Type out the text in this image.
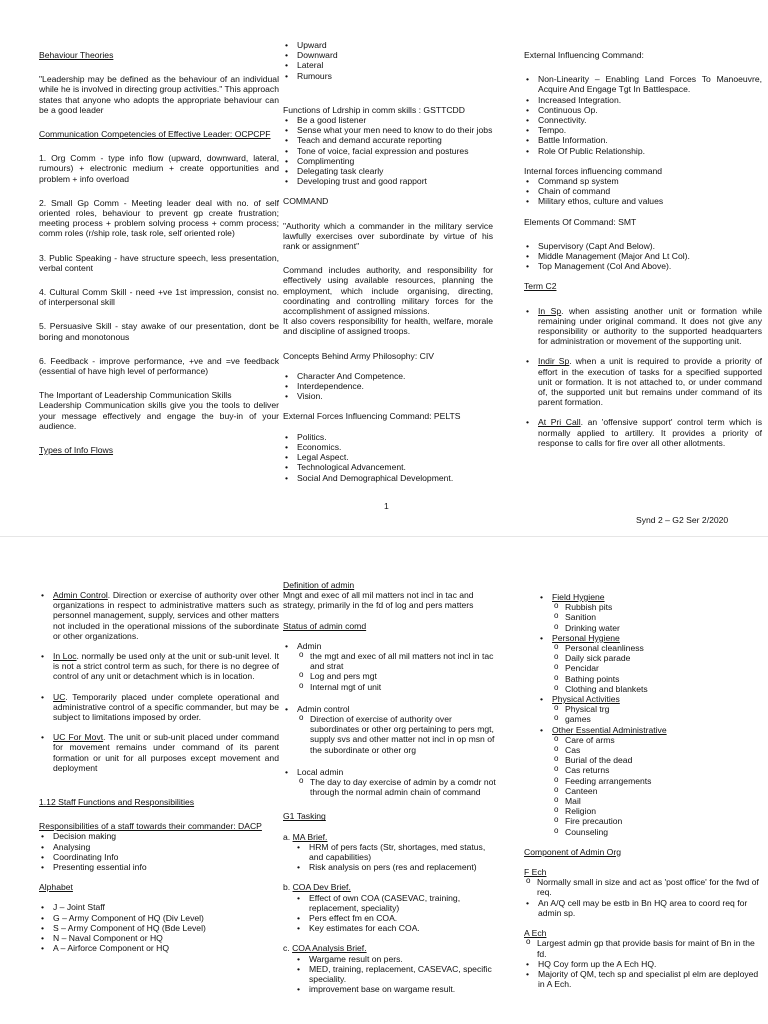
Behaviour Theories

"Leadership may be defined as the behaviour of an individual while he is involved in directing group activities." This approach states that anyone who adopts the appropriate behaviour can be a good leader

Communication Competencies of Effective Leader: OCPCPF

1. Org Comm - type info flow (upward, downward, lateral, rumours) + electronic medium + create opportunities and problem + info overload

2. Small Gp Comm - Meeting leader deal with no. of self oriented roles, behaviour to prevent gp create frustration; meeting process + problem solving process + comm process; comm roles (r/ship role, task role, self oriented role)

3. Public Speaking - have structure speech, less presentation, verbal content

4. Cultural Comm Skill - need +ve 1st impression, consist no. of interpersonal skill

5. Persuasive Skill - stay awake of our presentation, dont be boring and monotonous

6. Feedback - improve performance, +ve and =ve feedback (essential of have high level of performance)

The Important of Leadership Communication Skills

Leadership Communication skills give you the tools to deliver your message effectively and engage the buy-in of your audience.

Types of Info Flows

• Upward
• Downward
• Lateral
• Rumours

Functions of Ldrship in comm skills : GSTTCDD

• Be a good listener
• Sense what your men need to know to do their jobs
• Teach and demand accurate reporting
• Tone of voice, facial expression and postures
• Complimenting
• Delegating task clearly
• Developing trust and good rapport

COMMAND

"Authority which a commander in the military service lawfully exercises over subordinate by virtue of his rank or assignment"

Command includes authority, and responsibility for effectively using available resources, planning the employment, which include organising, directing, coordinating and controlling military forces for the accomplishment of assigned missions.

It also covers responsibility for health, welfare, morale and discipline of assigned troops.

Concepts Behind Army Philosophy: CIV

• Character And Competence.
• Interdependence.
• Vision.

External Forces Influencing Command: PELTS

• Politics.
• Economics.
• Legal Aspect.
• Technological Advancement.
• Social And Demographical Development.

External Influencing Command:

• Non-Linearity – Enabling Land Forces To Manoeuvre, Acquire And Engage Tgt In Battlespace.
• Increased Integration.
• Continuous Op.
• Connectivity.
• Tempo.
• Battle Information.
• Role Of Public Relationship.

Internal forces influencing command

• Command sp system
• Chain of command
• Military ethos, culture and values

Elements Of Command: SMT

• Supervisory (Capt And Below).
• Middle Management (Major And Lt Col).
• Top Management (Col And Above).

Term C2

• In Sp. when assisting another unit or formation while remaining under original command. It does not give any responsibility or authority to the supported headquarters for administration or movement of the supporting unit.
• Indir Sp. when a unit is required to provide a priority of effort in the execution of tasks for a specified supported unit or formation. It is not attached to, or under command of, the supported unit but remains under command of its parent formation.
• At Pri Call. an 'offensive support' control term which is normally applied to artillery. It provides a priority of response to calls for fire over all other allotments.
1
Synd 2 – G2 Ser 2/2020
• Admin Control. Direction or exercise of authority over other organizations in respect to administrative matters such as personnel management, supply, services and other matters not included in the operational missions of the subordinate or other organizations.
• In Loc. normally be used only at the unit or sub-unit level. It is not a strict control term as such, for there is no degree of control of any unit or detachment which is in location.
• UC. Temporarily placed under complete operational and administrative control of a specific commander, but may be subject to limitations imposed by order.
• UC For Movt. The unit or sub-unit placed under command for movement remains under command of its parent formation or unit for all purposes except movement and deployment

1.12 Staff Functions and Responsibilities

Responsibilities of a staff towards their commander: DACP

• Decision making
• Analysing
• Coordinating Info
• Presenting essential info

Alphabet

• J – Joint Staff
• G – Army Component of HQ (Div Level)
• S – Army Component of HQ (Bde Level)
• N – Naval Component or HQ
• A – Airforce Component or HQ

Definition of admin

Mngt and exec of all mil matters not incl in tac and strategy, primarily in the fd of log and pers matters

Status of admin comd

• Admin
o the mgt and exec of all mil matters not incl in tac and strat
o Log and pers mgt
o Internal mgt of unit
• Admin control
o Direction of exercise of authority over subordinates or other org pertaining to pers mgt, supply svs and other matter not incl in op msn of the subordinate or other org
• Local admin
o The day to day exercise of admin by a comdr not through the normal admin chain of command

G1 Tasking

a. MA Brief.

• HRM of pers facts (Str, shortages, med status, and capabilities)
• Risk analysis on pers (res and replacement)

b. COA Dev Brief.

• Effect of own COA (CASEVAC, training, replacement, speciality)
• Pers effect fm en COA.
• Key estimates for each COA.

c. COA Analysis Brief.

• Wargame result on pers.
• MED, training, replacement, CASEVAC, specific speciality.
• improvement base on wargame result.
• Field Hygiene
o Rubbish pits
o Sanition
o Drinking water
• Personal Hygiene
o Personal cleanliness
o Daily sick parade
o Pencidar
o Bathing points
o Clothing and blankets
• Physical Activities
o Physical trg
o games
• Other Essential Administrative
o Care of arms
o Cas
o Burial of the dead
o Cas returns
o Feeding arrangements
o Canteen
o Mail
o Religion
o Fire precaution
o Counseling

Component of Admin Org

F Ech

o Normally small in size and act as 'post office' for the fwd of req.
• An A/Q cell may be estb in Bn HQ area to coord req for admin sp.

A Ech

o Largest admin gp that provide basis for maint of Bn in the fd.
• HQ Coy form up the A Ech HQ.
• Majority of QM, tech sp and specialist pl elm are deployed in A Ech.
